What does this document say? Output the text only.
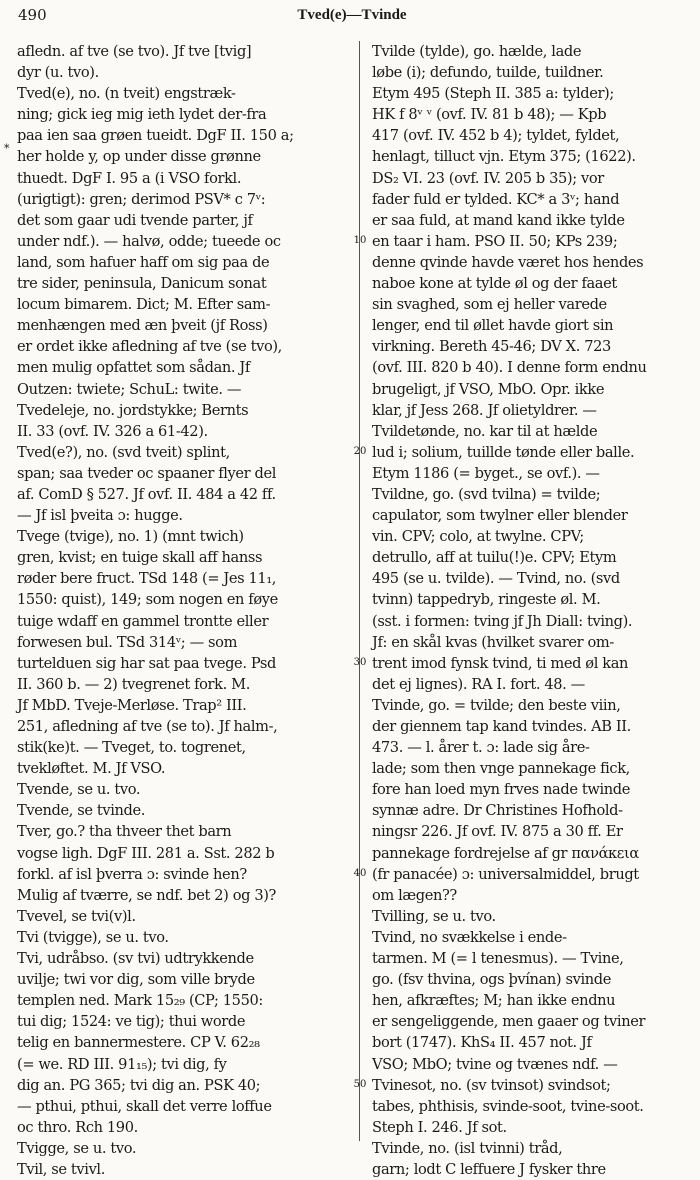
490	Tved(e)—Tvinde
*
afledn. af tve (se tvo). Jf tve [tvig]
dyr (u. tvo).
Tved(e), no. (n tveit) engstræk-
ning; gick ieg mig ieth lydet der-fra
paa ien saa grøen tueidt. DgF II. 150 a;
her holde y, op under disse grønne
thuedt. DgF I. 95 a (i VSO forkl.
(urigtigt): gren; derimod PSV* c 7ᵛ:
det som gaar udi tvende parter, jf
under ndf.). — halvø, odde; tueede oc
land, som hafuer haff om sig paa de
tre sider, peninsula, Danicum sonat
locum bimarem. Dict; M. Efter sam-
menhængen med æn þveit (jf Ross)
er ordet ikke afledning af tve (se tvo),
men mulig opfattet som sådan. Jf
Outzen: twiete; SchuL: twite. —
Tvedeleje, no. jordstykke; Bernts
II. 33 (ovf. IV. 326 a 61-42).
Tved(e?), no. (svd tveit) splint,
span; saa tveder oc spaaner flyer del
af. ComD § 527. Jf ovf. II. 484 a 42 ff.
— Jf isl þveita ɔ: hugge.
Tvege (tvige), no. 1) (mnt twich)
gren, kvist; en tuige skall aff hanss
røder bere fruct. TSd 148 (= Jes 11₁,
1550: quist), 149; som nogen en føye
tuige wdaff en gammel trontte eller
forwesen bul. TSd 314ᵛ; — som
turtelduen sig har sat paa tvege. Psd
II. 360 b. — 2) tvegrenet fork. M.
Jf MbD. Tveje-Merløse. Trap² III.
251, afledning af tve (se to). Jf halm-,
stik(ke)t. — Tveget, to. togrenet,
tvekløftet. M. Jf VSO.
Tvende, se u. tvo.
Tvende, se tvinde.
Tver, go.? tha thveer thet barn
vogse ligh. DgF III. 281 a. Sst. 282 b
forkl. af isl þverra ɔ: svinde hen?
Mulig af tværre, se ndf. bet 2) og 3)?
Tvevel, se tvi(v)l.
Tvi (tvigge), se u. tvo.
Tvi, udråbso. (sv tvi) udtrykkende
uvilje; twi vor dig, som ville bryde
templen ned. Mark 15₂₉ (CP; 1550:
tui dig; 1524: ve tig); thui worde
telig en bannermestere. CP V. 62₂₈
(= we. RD III. 91₁₅); tvi dig, fy
dig an. PG 365; tvi dig an. PSK 40;
— pthui, pthui, skall det verre loffue
oc thro. Rch 190.
Tvigge, se u. tvo.
Tvil, se tvivl.
Tvilde (tylde), go. hælde, lade
løbe (i); defundo, tuilde, tuildner.
Etym 495 (Steph II. 385 a: tylder);
HK f 8ᵛ ᵛ (ovf. IV. 81 b 48); — Kpb
417 (ovf. IV. 452 b 4); tyldet, fyldet,
henlagt, tilluct vjn. Etym 375; (1622).
DS₂ VI. 23 (ovf. IV. 205 b 35); vor
fader fuld er tylded. KC* a 3ᵛ; hand
er saa fuld, at mand kand ikke tylde
en taar i ham. PSO II. 50; KPs 239;
denne qvinde havde været hos hendes
naboe kone at tylde øl og der faaet
sin svaghed, som ej heller varede
lenger, end til øllet havde giort sin
virkning. Bereth 45-46; DV X. 723
(ovf. III. 820 b 40). I denne form endnu
brugeligt, jf VSO, MbO. Opr. ikke
klar, jf Jess 268. Jf olietyldrer. —
Tvildetønde, no. kar til at hælde
lud i; solium, tuillde tønde eller balle.
Etym 1186 (= byget., se ovf.). —
Tvildne, go. (svd tvilna) = tvilde;
capulator, som twylner eller blender
vin. CPV; colo, at twylne. CPV;
detrullo, aff at tuilu(!)e. CPV; Etym
495 (se u. tvilde). — Tvind, no. (svd
tvinn) tappedryb, ringeste øl. M.
(sst. i formen: tving jf Jh Diall: tving).
Jf: en skål kvas (hvilket svarer om-
trent imod fynsk tvind, ti med øl kan
det ej lignes). RA I. fort. 48. —
Tvinde, go. = tvilde; den beste viin,
der giennem tap kand tvindes. AB II.
473. — l. årer t. ɔ: lade sig åre-
lade; som then vnge pannekage fick,
fore han loed myn frves nade twinde
synnæ adre. Dr Christines Hofhold-
ningsr 226. Jf ovf. IV. 875 a 30 ff. Er
pannekage fordrejelse af gr πανάκεια
(fr panacée) ɔ: universalmiddel, brugt
om lægen??
Tvilling, se u. tvo.
Tvind, no svækkelse i ende-
tarmen. M (= l tenesmus). — Tvine,
go. (fsv thvina, ogs þvínan) svinde
hen, afkræftes; M; han ikke endnu
er sengeliggende, men gaaer og tviner
bort (1747). KhS₄ II. 457 not. Jf
VSO; MbO; tvine og tvænes ndf. —
Tvinesot, no. (sv tvinsot) svindsot;
tabes, phthisis, svinde-soot, tvine-soot.
Steph I. 246. Jf sot.
Tvinde, no. (isl tvinni) tråd,
garn; lodt C leffuere J fysker thre
10
20
30
40
50
